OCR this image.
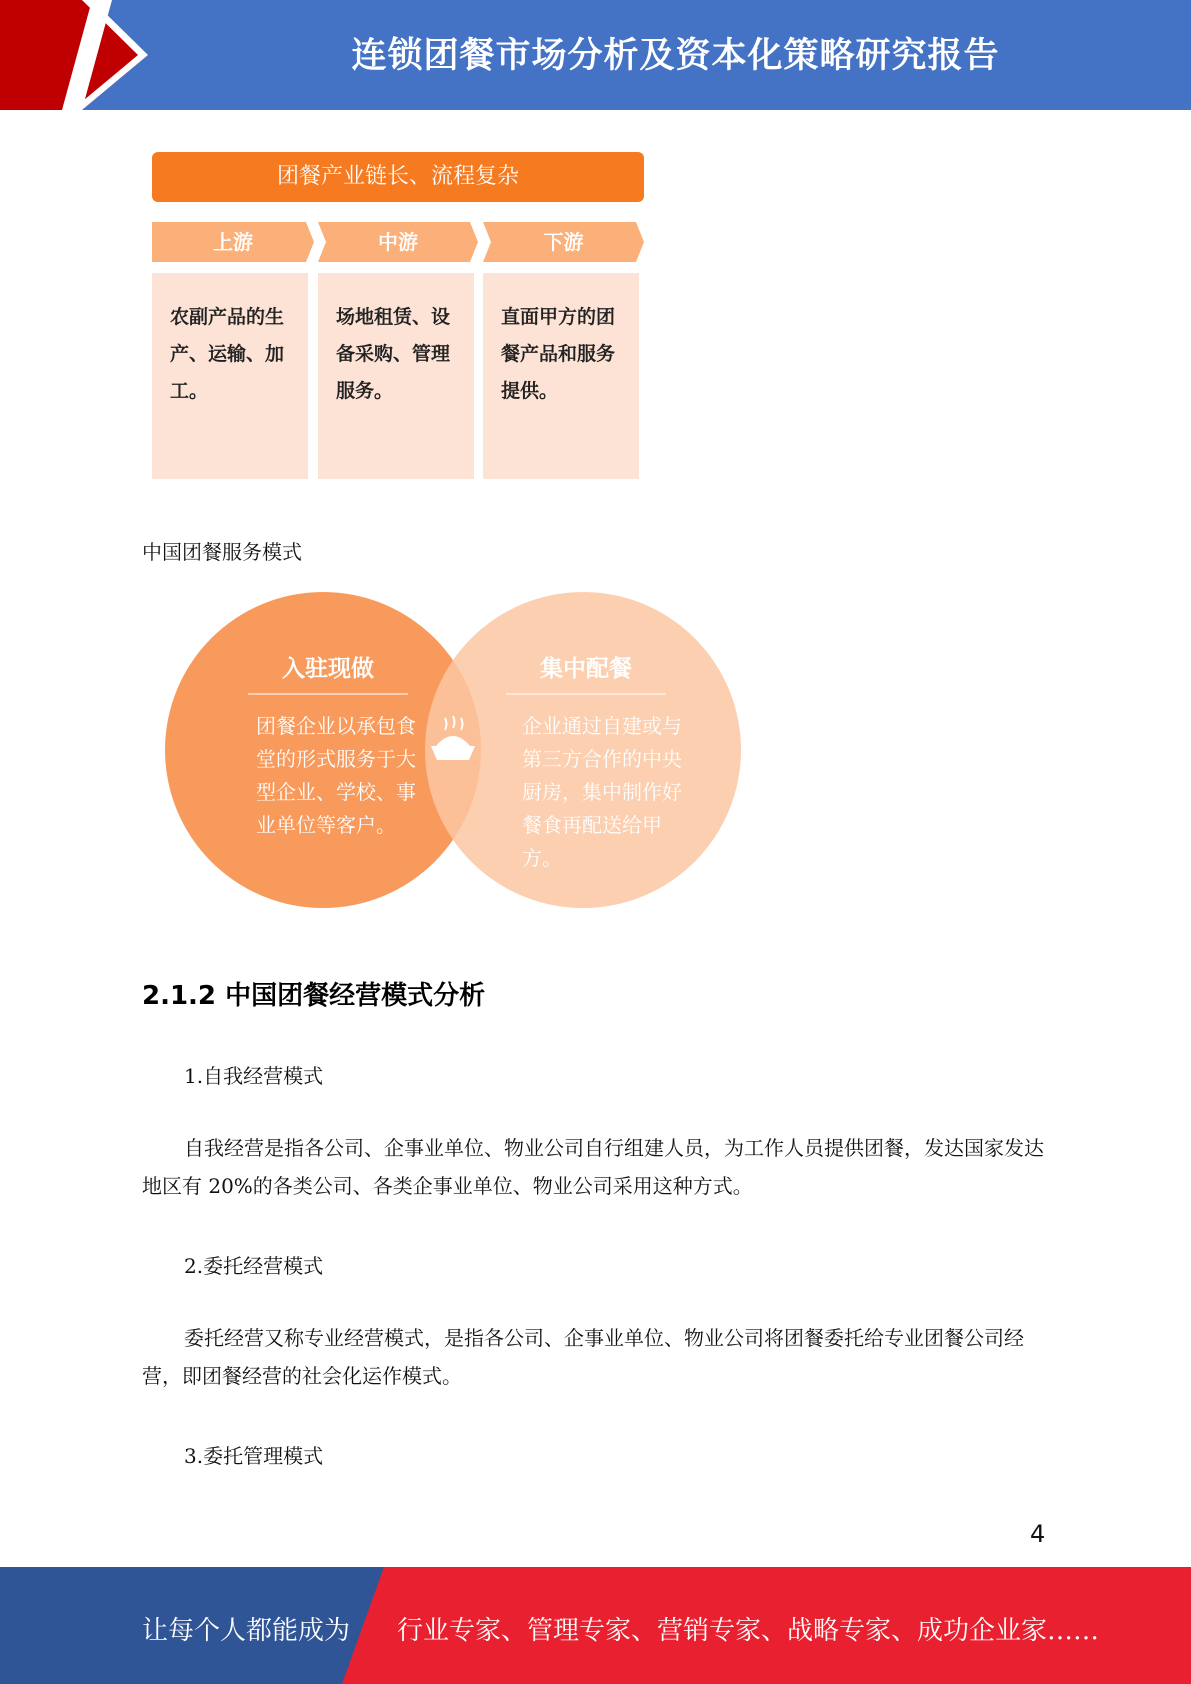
连锁团餐市场分析及资本化策略研究报告
团餐产业链长、流程复杂
上游	中游	下游
农副产品的生产、运输、加工。
场地租赁、设备采购、管理服务。
直面甲方的团餐产品和服务提供。
中国团餐服务模式
入驻现做
团餐企业以承包食堂的形式服务于大型企业、学校、事业单位等客户。
集中配餐
企业通过自建或与第三方合作的中央厨房，集中制作好餐食再配送给甲方。
2.1.2 中国团餐经营模式分析
1.自我经营模式
自我经营是指各公司、企事业单位、物业公司自行组建人员，为工作人员提供团餐，发达国家发达地区有 20%的各类公司、各类企事业单位、物业公司采用这种方式。
2.委托经营模式
委托经营又称专业经营模式，是指各公司、企事业单位、物业公司将团餐委托给专业团餐公司经营，即团餐经营的社会化运作模式。
3.委托管理模式
4
让每个人都能成为 行业专家、管理专家、营销专家、战略专家、成功企业家……
